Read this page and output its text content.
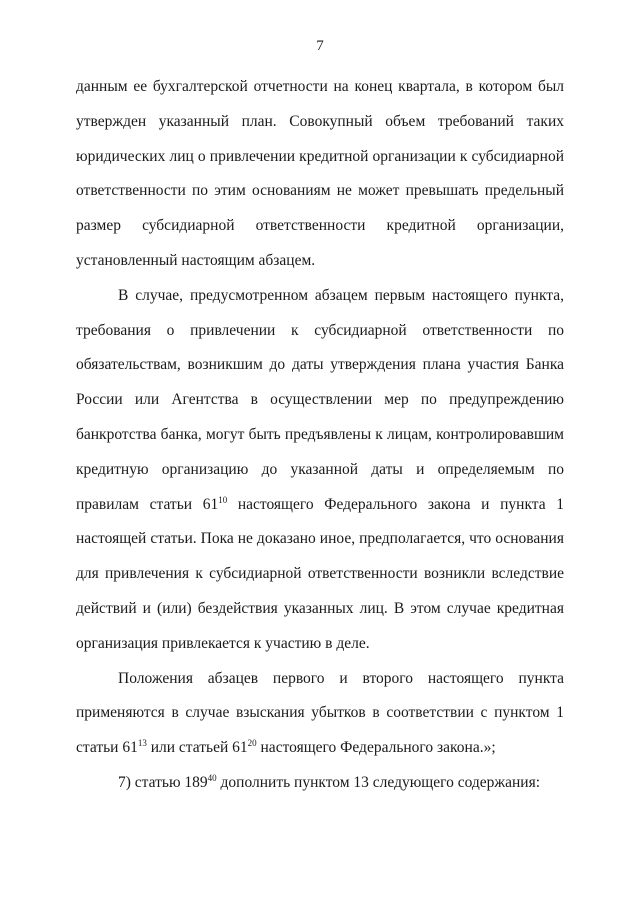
7

данным ее бухгалтерской отчетности на конец квартала, в котором был утвержден указанный план. Совокупный объем требований таких юридических лиц о привлечении кредитной организации к субсидиарной ответственности по этим основаниям не может превышать предельный размер субсидиарной ответственности кредитной организации, установленный настоящим абзацем.

В случае, предусмотренном абзацем первым настоящего пункта, требования о привлечении к субсидиарной ответственности по обязательствам, возникшим до даты утверждения плана участия Банка России или Агентства в осуществлении мер по предупреждению банкротства банка, могут быть предъявлены к лицам, контролировавшим кредитную организацию до указанной даты и определяемым по правилам статьи $61^{10}$ настоящего Федерального закона и пункта 1 настоящей статьи. Пока не доказано иное, предполагается, что основания для привлечения к субсидиарной ответственности возникли вследствие действий и (или) бездействия указанных лиц. В этом случае кредитная организация привлекается к участию в деле.

Положения абзацев первого и второго настоящего пункта применяются в случае взыскания убытков в соответствии с пунктом 1 статьи $61^{13}$ или статьей $61^{20}$ настоящего Федерального закона.»;

7) статью $189^{40}$ дополнить пунктом 13 следующего содержания:
